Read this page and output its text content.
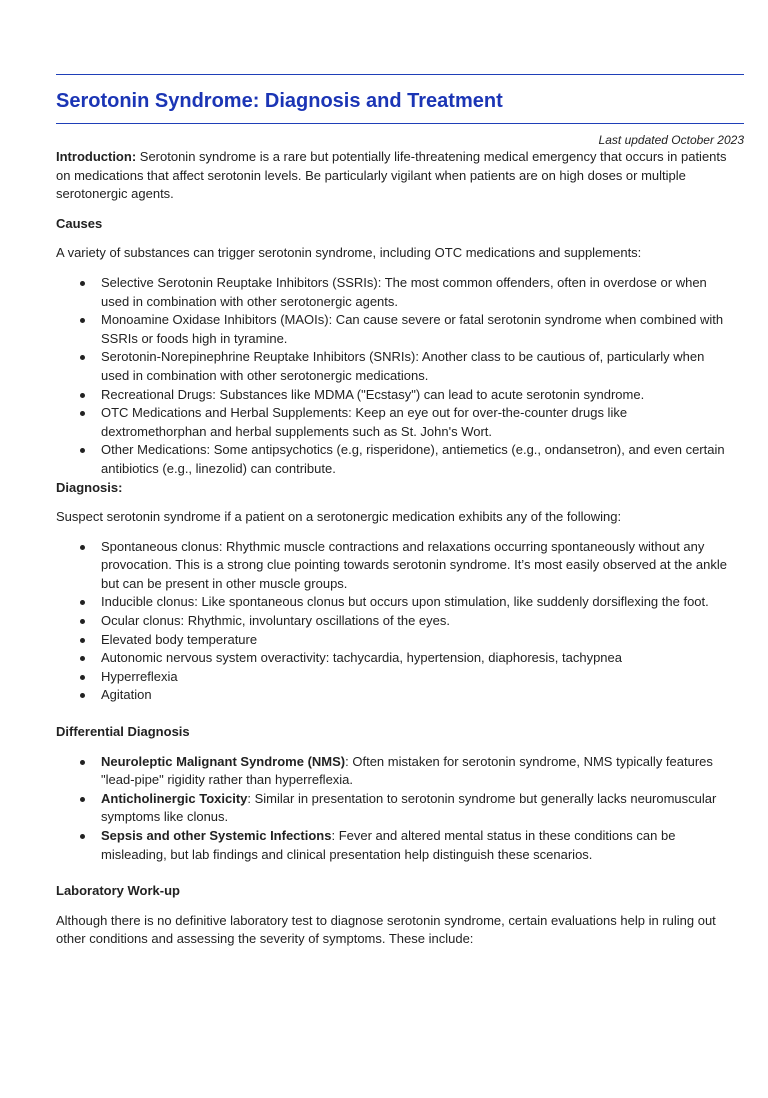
Serotonin Syndrome: Diagnosis and Treatment
Last updated October 2023

Introduction: Serotonin syndrome is a rare but potentially life-threatening medical emergency that occurs in patients on medications that affect serotonin levels. Be particularly vigilant when patients are on high doses or multiple serotonergic agents.

Causes

A variety of substances can trigger serotonin syndrome, including OTC medications and supplements:

Selective Serotonin Reuptake Inhibitors (SSRIs): The most common offenders, often in overdose or when used in combination with other serotonergic agents.
Monoamine Oxidase Inhibitors (MAOIs): Can cause severe or fatal serotonin syndrome when combined with SSRIs or foods high in tyramine.
Serotonin-Norepinephrine Reuptake Inhibitors (SNRIs): Another class to be cautious of, particularly when used in combination with other serotonergic medications.
Recreational Drugs: Substances like MDMA ("Ecstasy") can lead to acute serotonin syndrome.
OTC Medications and Herbal Supplements: Keep an eye out for over-the-counter drugs like dextromethorphan and herbal supplements such as St. John's Wort.
Other Medications: Some antipsychotics (e.g, risperidone), antiemetics (e.g., ondansetron), and even certain antibiotics (e.g., linezolid) can contribute.

Diagnosis:

Suspect serotonin syndrome if a patient on a serotonergic medication exhibits any of the following:

Spontaneous clonus: Rhythmic muscle contractions and relaxations occurring spontaneously without any provocation. This is a strong clue pointing towards serotonin syndrome. It’s most easily observed at the ankle but can be present in other muscle groups.
Inducible clonus: Like spontaneous clonus but occurs upon stimulation, like suddenly dorsiflexing the foot.
Ocular clonus: Rhythmic, involuntary oscillations of the eyes.
Elevated body temperature
Autonomic nervous system overactivity: tachycardia, hypertension, diaphoresis, tachypnea
Hyperreflexia
Agitation

Differential Diagnosis

Neuroleptic Malignant Syndrome (NMS): Often mistaken for serotonin syndrome, NMS typically features "lead-pipe" rigidity rather than hyperreflexia.
Anticholinergic Toxicity: Similar in presentation to serotonin syndrome but generally lacks neuromuscular symptoms like clonus.
Sepsis and other Systemic Infections: Fever and altered mental status in these conditions can be misleading, but lab findings and clinical presentation help distinguish these scenarios.

Laboratory Work-up

Although there is no definitive laboratory test to diagnose serotonin syndrome, certain evaluations help in ruling out other conditions and assessing the severity of symptoms. These include:
